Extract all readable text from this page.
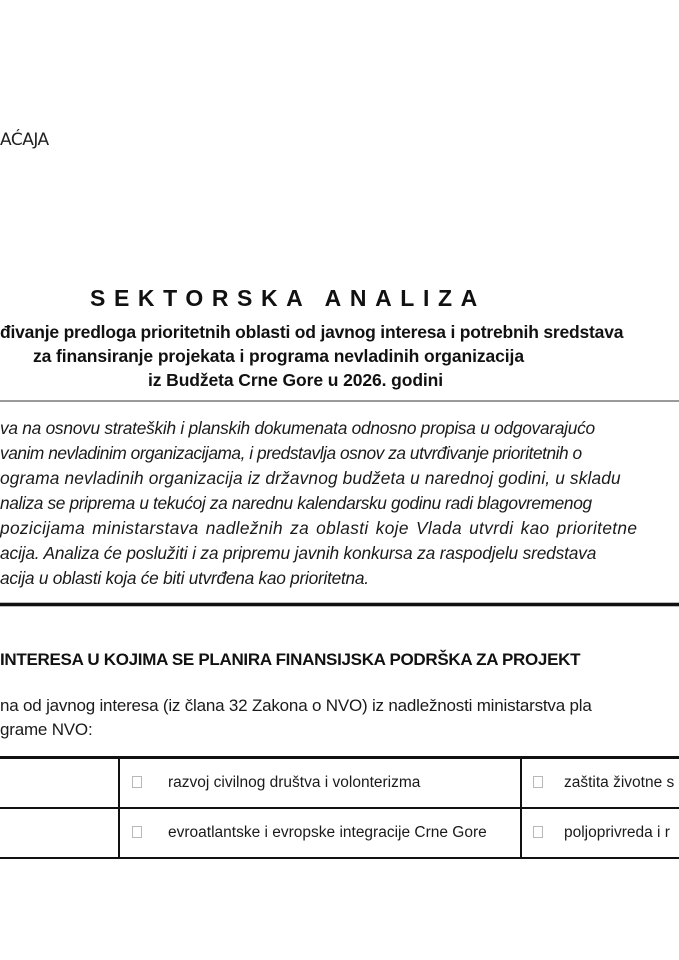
AĆAJA
SEKTORSKA ANALIZA
đivanje predloga prioritetnih oblasti od javnog interesa i potrebnih sredstava
za finansiranje projekata i programa nevladinih organizacija
iz Budžeta Crne Gore u 2026. godini
va na osnovu strateških i planskih dokumenata odnosno propisa u odgovarajućo
vanim nevladinim organizacijama, i predstavlja osnov za utvrđivanje prioritetnih o
ograma nevladinih organizacija iz državnog budžeta u narednoj godini, u skladu
naliza se priprema u tekućoj za narednu kalendarsku godinu radi blagovremenog
pozicijama ministarstava nadležnih za oblasti koje Vlada utvrdi kao prioritetne
acija. Analiza će poslužiti i za pripremu javnih konkursa za raspodjelu sredstava
acija u oblasti koja će biti utvrđena kao prioritetna.
INTERESA U KOJIMA SE PLANIRA FINANSIJSKA PODRŠKA ZA PROJEKT
na od javnog interesa (iz člana 32 Zakona o NVO) iz nadležnosti ministarstva pla
grame NVO:
	razvoj civilnog društva i volonterizma	zaštita životne s
	evroatlantske i evropske integracije Crne Gore	poljoprivreda i r
